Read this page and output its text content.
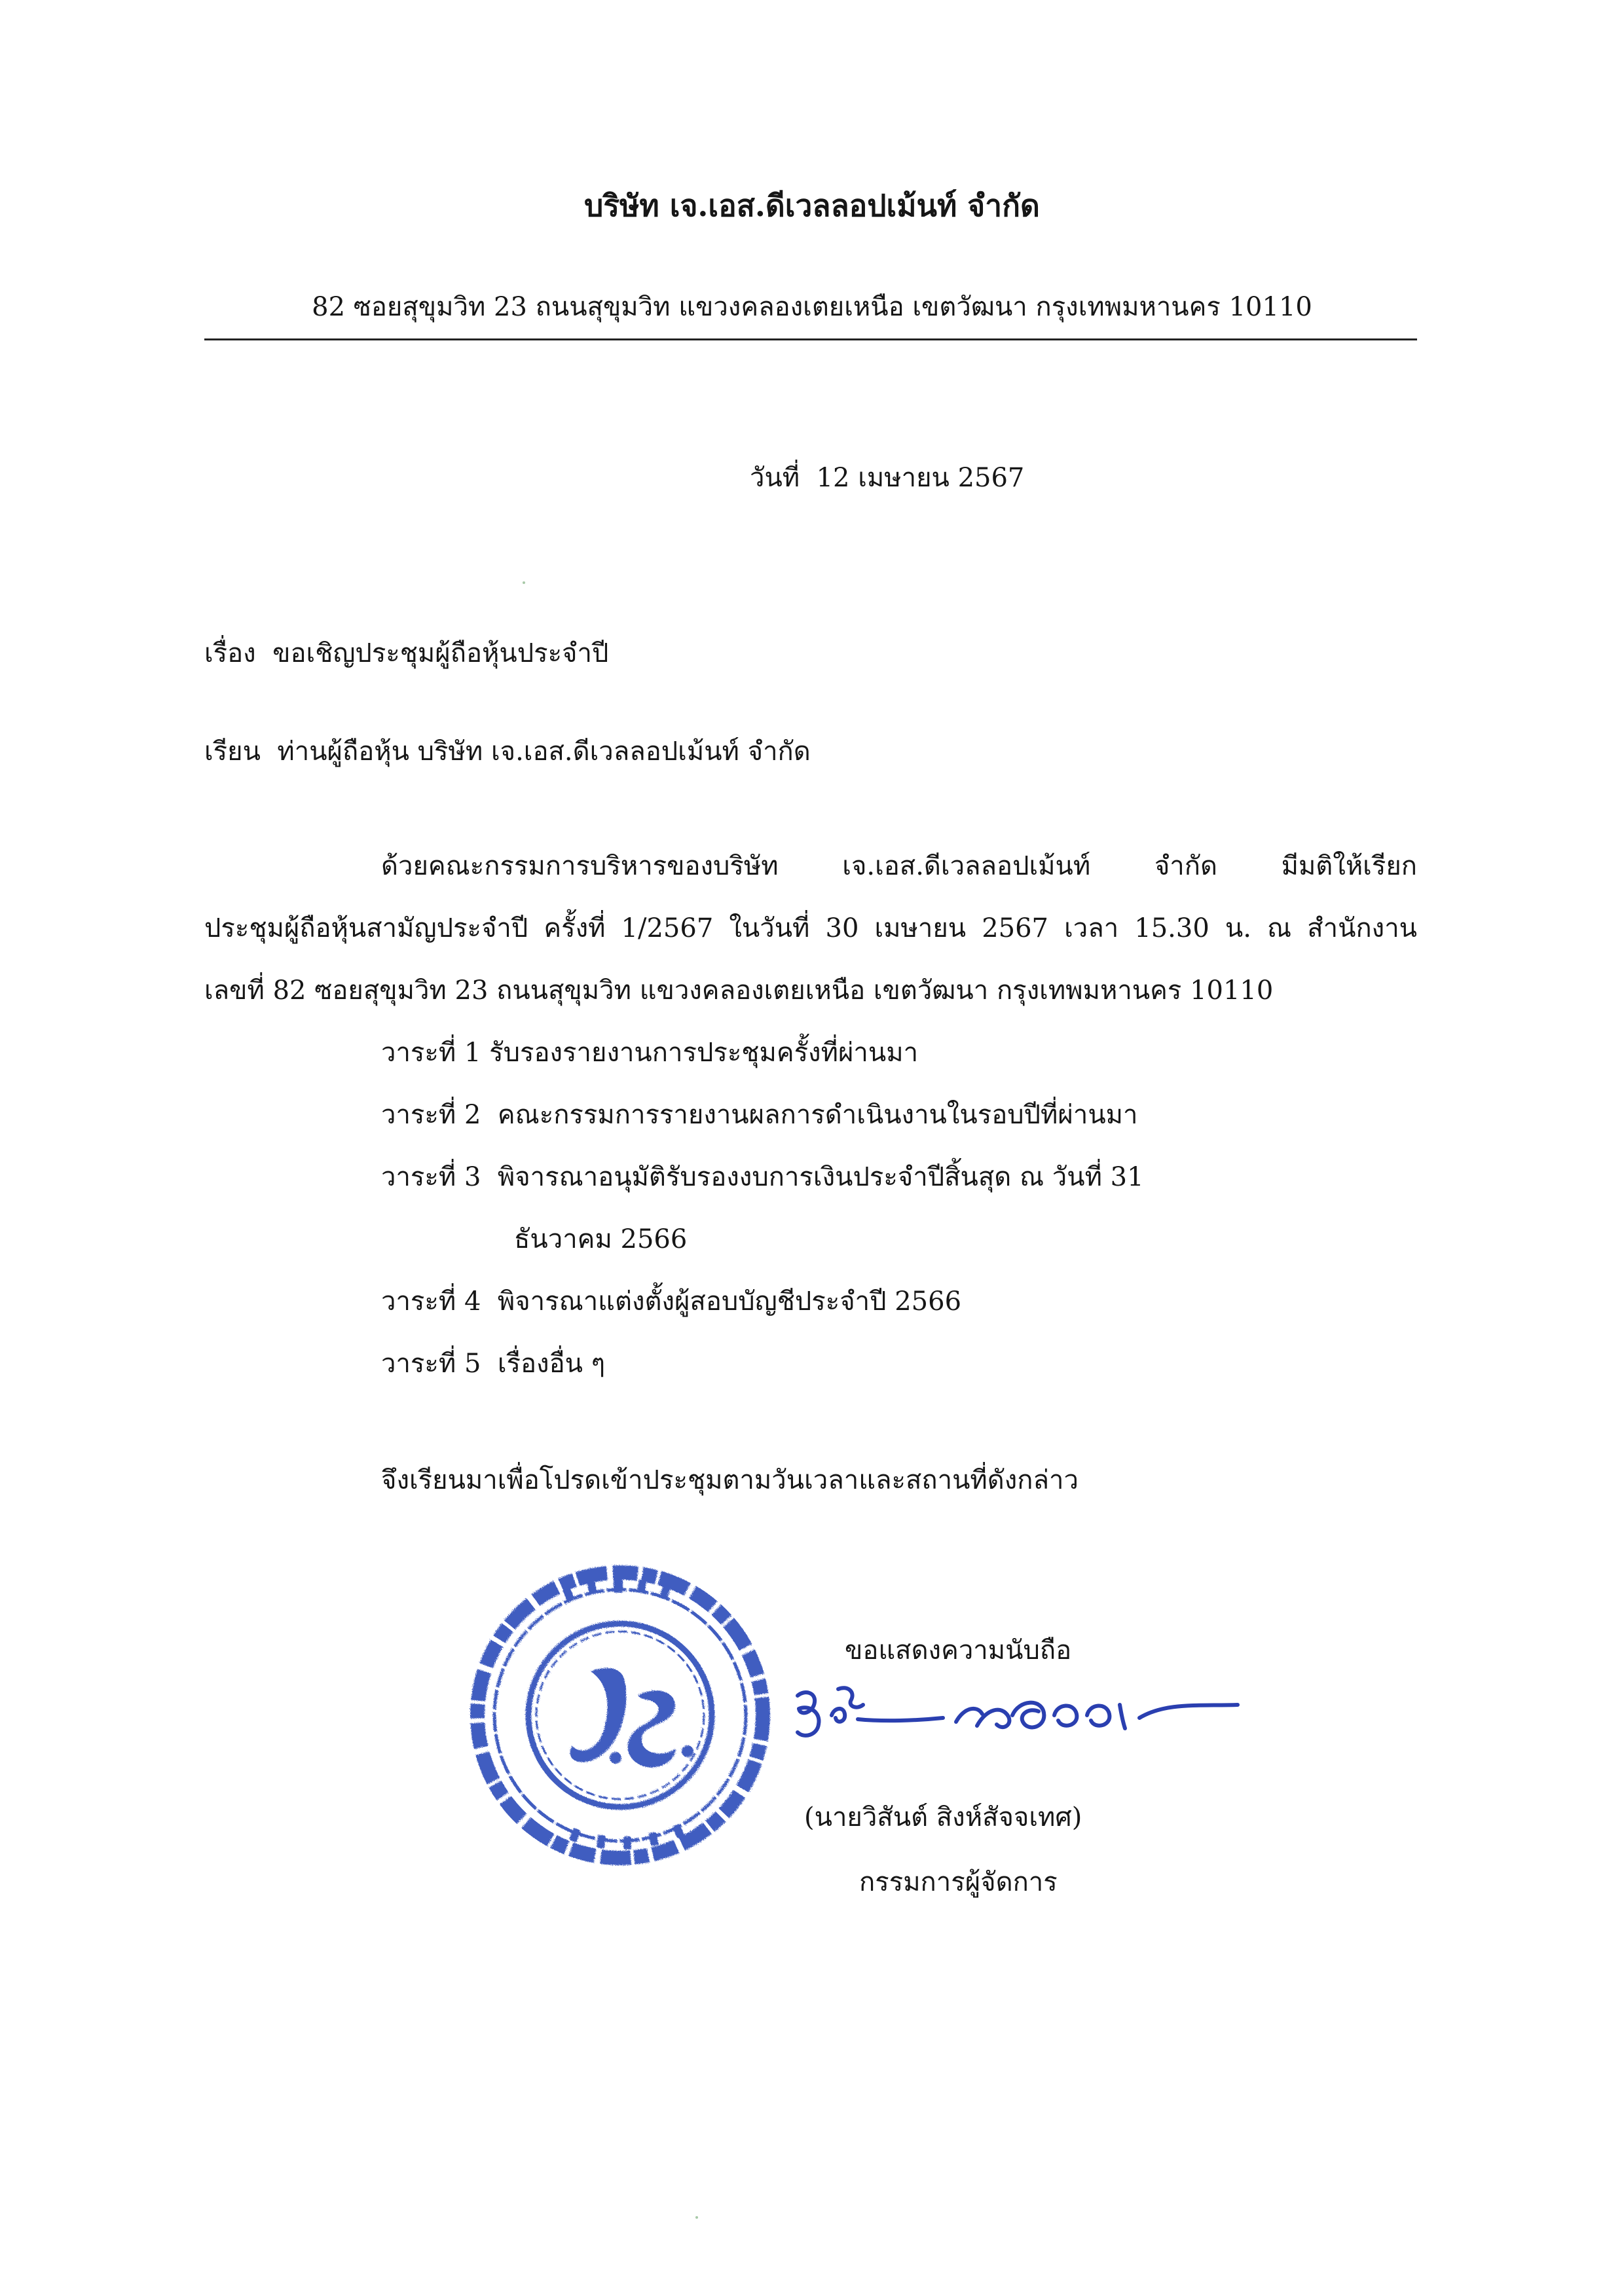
บริษัท เจ.เอส.ดีเวลลอปเม้นท์ จำกัด
82 ซอยสุขุมวิท 23 ถนนสุขุมวิท แขวงคลองเตยเหนือ เขตวัฒนา กรุงเทพมหานคร 10110
วันที่ 12 เมษายน 2567
เรื่อง ขอเชิญประชุมผู้ถือหุ้นประจำปี
เรียน ท่านผู้ถือหุ้น บริษัท เจ.เอส.ดีเวลลอปเม้นท์ จำกัด
ด้วยคณะกรรมการบริหารของบริษัท เจ.เอส.ดีเวลลอปเม้นท์ จำกัด มีมติให้เรียก
ประชุมผู้ถือหุ้นสามัญประจำปี ครั้งที่ 1/2567 ในวันที่ 30 เมษายน 2567 เวลา 15.30 น. ณ สำนักงาน
เลขที่ 82 ซอยสุขุมวิท 23 ถนนสุขุมวิท แขวงคลองเตยเหนือ เขตวัฒนา กรุงเทพมหานคร 10110
วาระที่ 1 รับรองรายงานการประชุมครั้งที่ผ่านมา
วาระที่ 2 คณะกรรมการรายงานผลการดำเนินงานในรอบปีที่ผ่านมา
วาระที่ 3 พิจารณาอนุมัติรับรองงบการเงินประจำปีสิ้นสุด ณ วันที่ 31
ธันวาคม 2566
วาระที่ 4 พิจารณาแต่งตั้งผู้สอบบัญชีประจำปี 2566
วาระที่ 5 เรื่องอื่น ๆ
จึงเรียนมาเพื่อโปรดเข้าประชุมตามวันเวลาและสถานที่ดังกล่าว
ขอแสดงความนับถือ
(นายวิสันต์ สิงห์สัจจเทศ)
กรรมการผู้จัดการ
